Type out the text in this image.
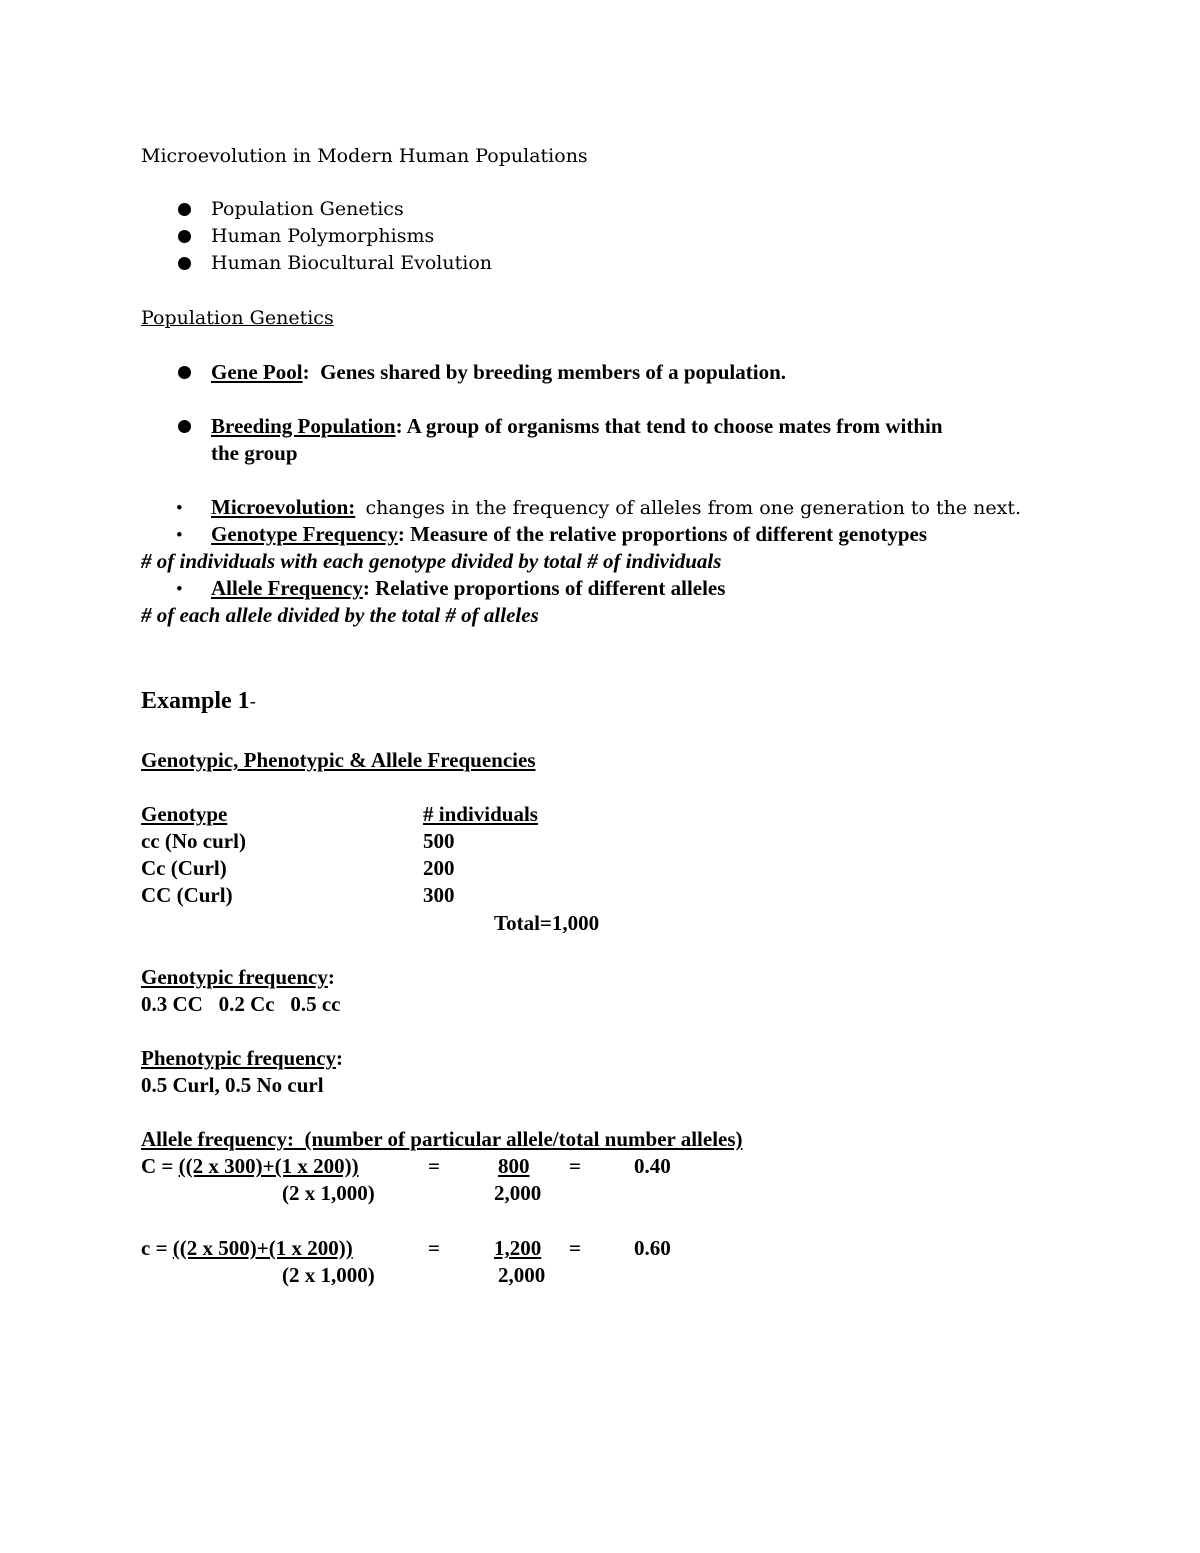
Microevolution in Modern Human Populations
Population Genetics
Human Polymorphisms
Human Biocultural Evolution
Population Genetics
Gene Pool: Genes shared by breeding members of a population.
Breeding Population: A group of organisms that tend to choose mates from within
the group
• Microevolution: changes in the frequency of alleles from one generation to the next.
• Genotype Frequency: Measure of the relative proportions of different genotypes
# of individuals with each genotype divided by total # of individuals
• Allele Frequency: Relative proportions of different alleles
# of each allele divided by the total # of alleles
Example 1-
Genotypic, Phenotypic & Allele Frequencies
Genotype	# individuals
cc (No curl)	500
Cc (Curl)	200
CC (Curl)	300
Total=1,000
Genotypic frequency:
0.3 CC   0.2 Cc   0.5 cc
Phenotypic frequency:
0.5 Curl, 0.5 No curl
Allele frequency:  (number of particular allele/total number alleles)
C = ((2 x 300)+(1 x 200))	=	800 =	0.40
(2 x 1,000)	2,000
c = ((2 x 500)+(1 x 200))	=	1,200 =	0.60
(2 x 1,000)	2,000
